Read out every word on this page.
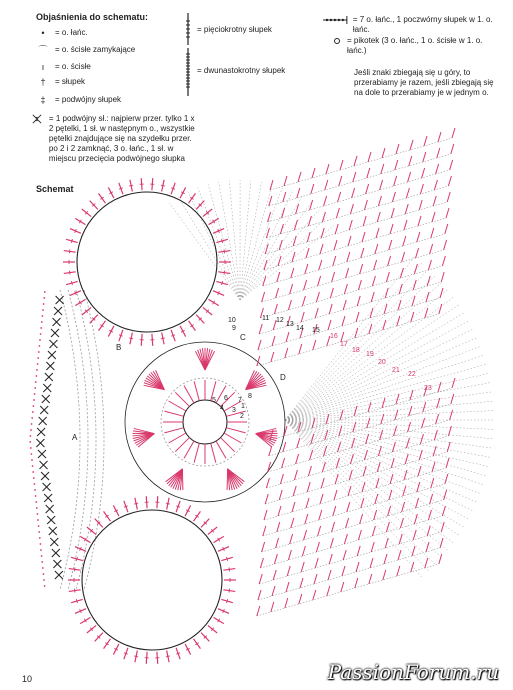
Objaśnienia do schematu:
•	= o. łańc.
⌒ = o. ścisłe zamykające
ı	= o. ścisłe
†	= słupek
‡	= podwójny słupek
= 1 podwójny sł.: najpierw przer. tylko 1 x 2 pętelki, 1 sł. w następnym o., wszystkie pętelki znajdujące się na szydełku przer. po 2 i 2 zamknąć, 3 o. łańc., 1 sł. w miejscu przecięcia podwójnego słupka
= pięciokrotny słupek
= dwunastokrotny słupek
= 7 o. łańc., 1 poczwórny słupek w 1. o. łańc.
= pikotek (3 o. łańc., 1 o. ścisłe w 1. o. łańc.)
Jeśli znaki zbiegają się u góry, to przerabiamy je razem, jeśli zbiegają się na dole to przerabiamy je w jednym o.
Schemat
1
2
3
4
5 6 7
8
9
10	11 12
13
14 15
16
17
18
19
20
21
22
23
A
B
C
D
10	PassionForum.ru
